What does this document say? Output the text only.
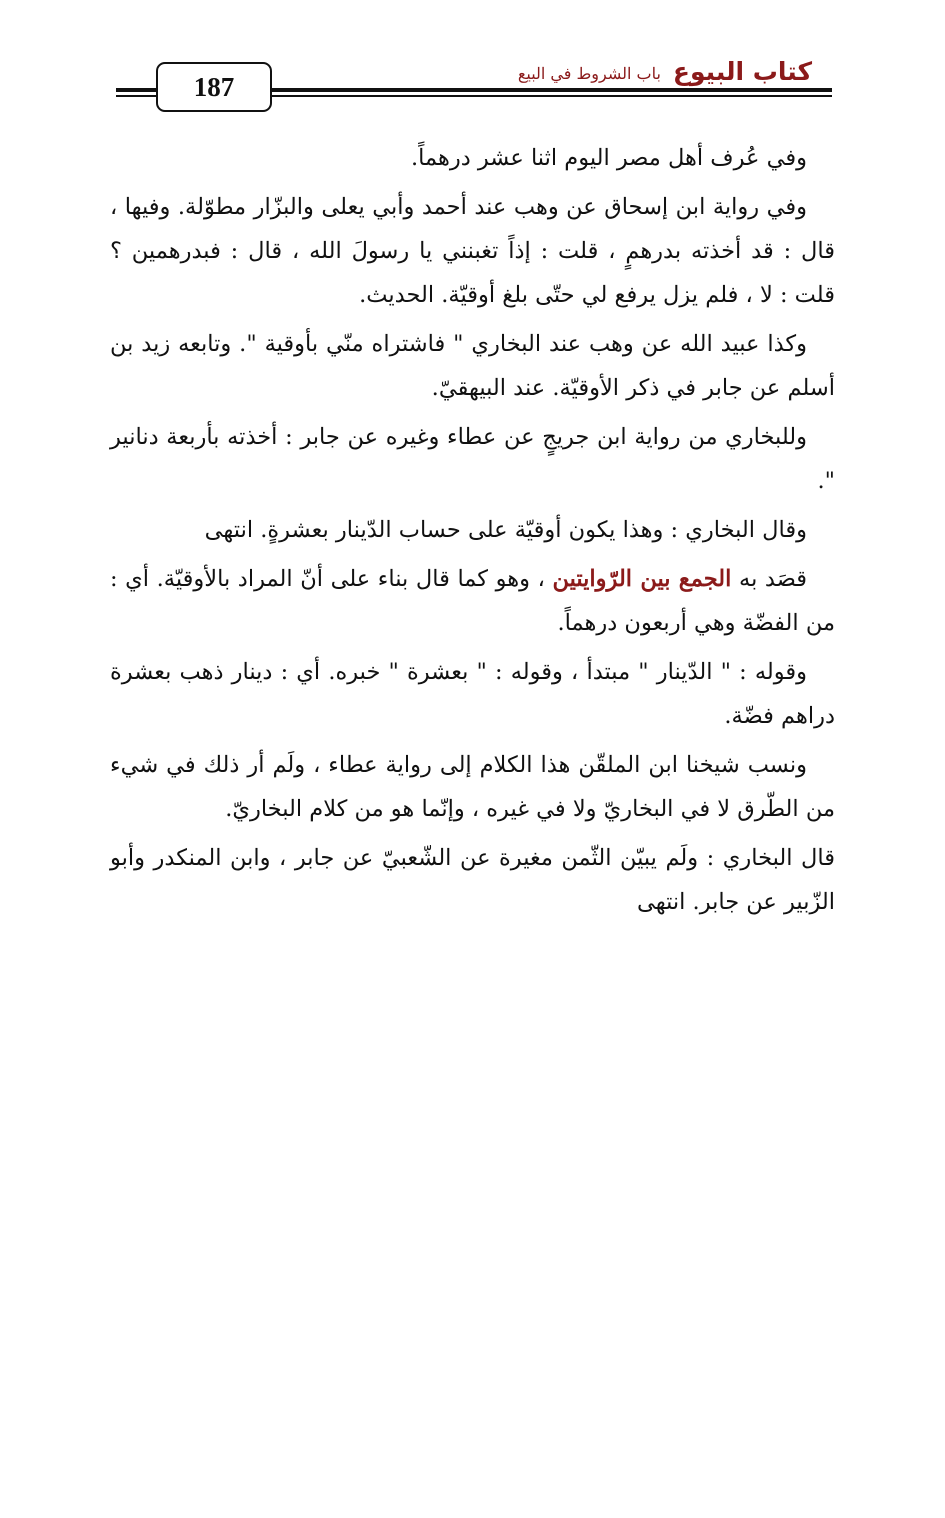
187	كتاب البيوع
باب الشروط في البيع

وفي عُرف أهل مصر اليوم اثنا عشر درهماً.

وفي رواية ابن إسحاق عن وهب عند أحمد وأبي يعلى والبزّار مطوّلة. وفيها ، قال : قد أخذته بدرهمٍ ، قلت : إذاً تغبنني يا رسولَ الله ، قال : فبدرهمين ؟ قلت : لا ، فلم يزل يرفع لي حتّى بلغ أوقيّة. الحديث.

وكذا عبيد الله عن وهب عند البخاري " فاشتراه منّي بأوقية ". وتابعه زيد بن أسلم عن جابر في ذكر الأوقيّة. عند البيهقيّ.

وللبخاري من رواية ابن جريجٍ عن عطاء وغيره عن جابر : أخذته بأربعة دنانير ".

وقال البخاري : وهذا يكون أوقيّة على حساب الدّينار بعشرةٍ. انتهى

قصَد به الجمع بين الرّوايتين ، وهو كما قال بناء على أنّ المراد بالأوقيّة. أي : من الفضّة وهي أربعون درهماً.

وقوله : " الدّينار " مبتدأ ، وقوله : " بعشرة " خبره. أي : دينار ذهب بعشرة دراهم فضّة.

ونسب شيخنا ابن الملقّن هذا الكلام إلى رواية عطاء ، ولَم أر ذلك في شيء من الطّرق لا في البخاريّ ولا في غيره ، وإنّما هو من كلام البخاريّ.

قال البخاري : ولَم يبيّن الثّمن مغيرة عن الشّعبيّ عن جابر ، وابن المنكدر وأبو الزّبير عن جابر. انتهى
